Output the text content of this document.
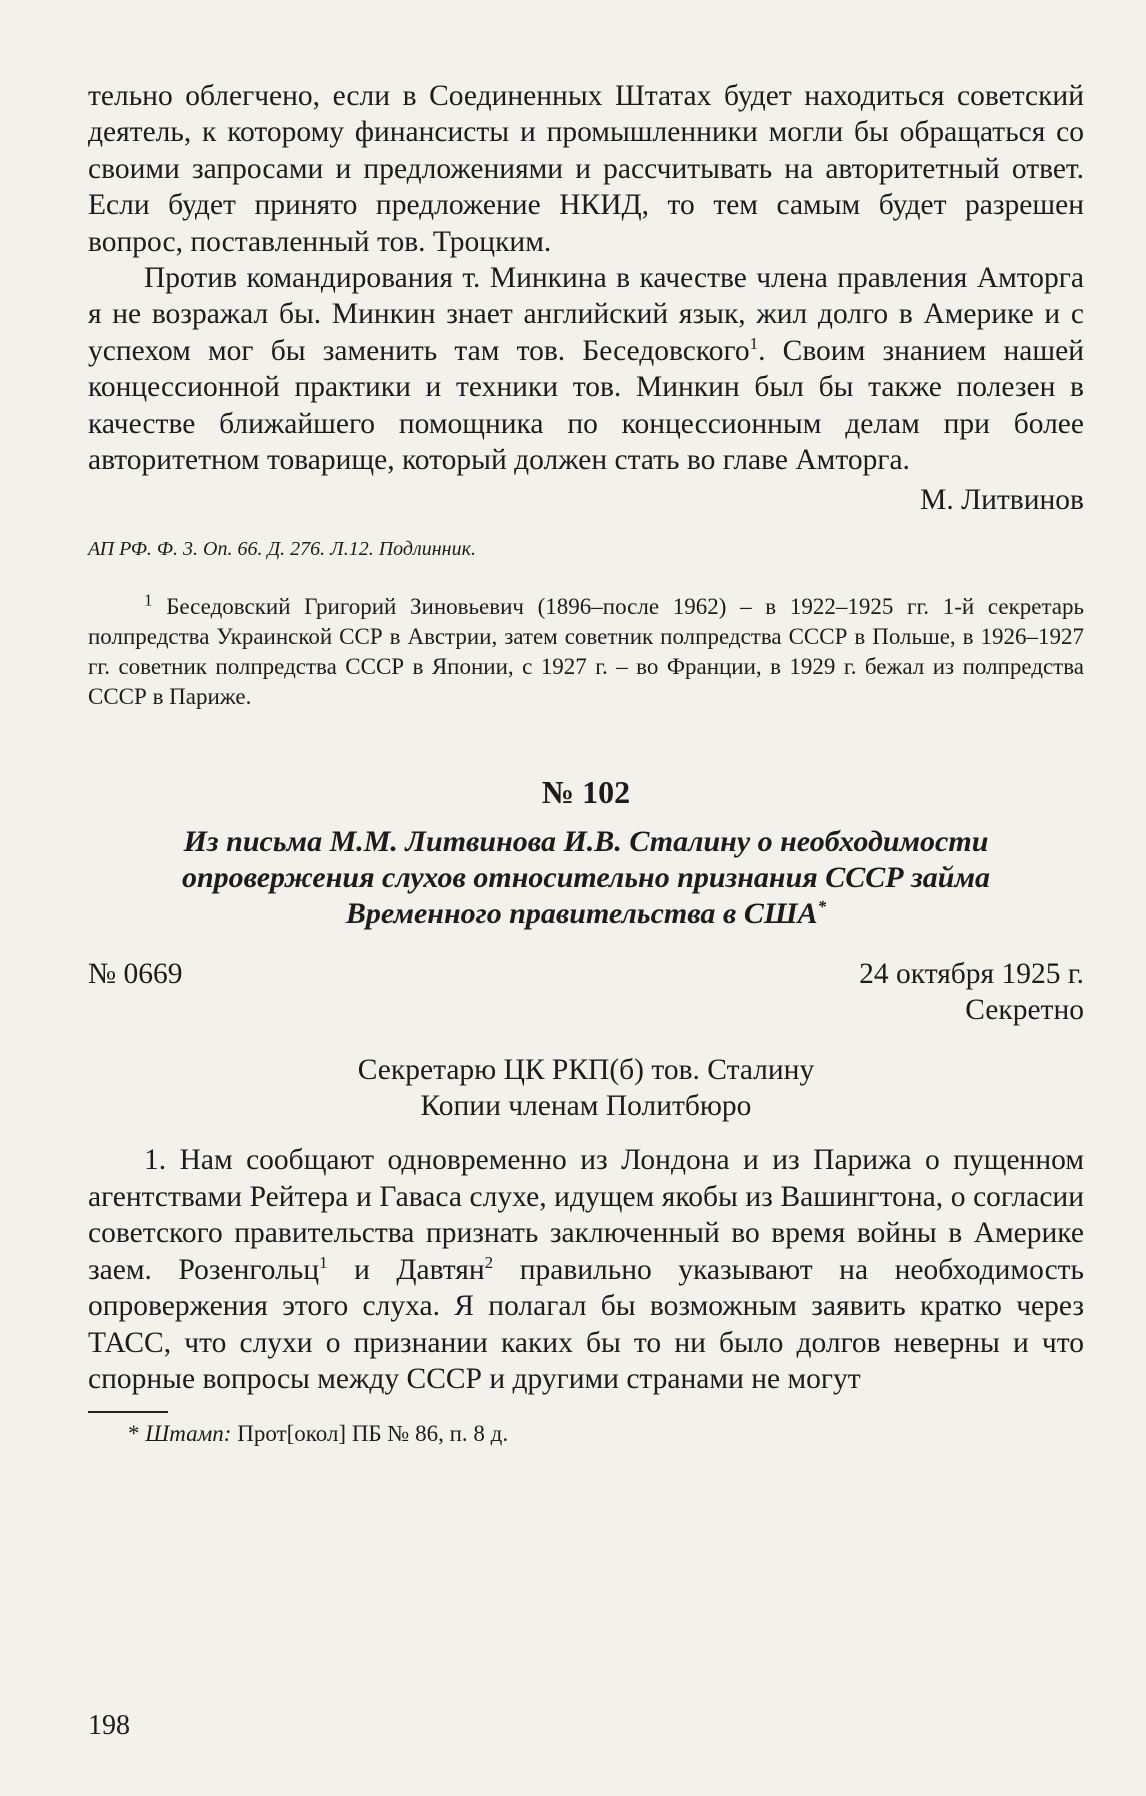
тельно облегчено, если в Соединенных Штатах будет находиться советский деятель, к которому финансисты и промышленники могли бы обращаться со своими запросами и предложениями и рассчитывать на авторитетный ответ. Если будет принято предложение НКИД, то тем самым будет разрешен вопрос, поставленный тов. Троцким.

Против командирования т. Минкина в качестве члена правления Амторга я не возражал бы. Минкин знает английский язык, жил долго в Америке и с успехом мог бы заменить там тов. Беседовского$^1$. Своим знанием нашей концессионной практики и техники тов. Минкин был бы также полезен в качестве ближайшего помощника по концессионным делам при более авторитетном товарище, который должен стать во главе Амторга.

М. Литвинов

АП РФ. Ф. 3. Оп. 66. Д. 276. Л.12. Подлинник.

$^1$ Беседовский Григорий Зиновьевич (1896–после 1962) – в 1922–1925 гг. 1-й секретарь полпредства Украинской ССР в Австрии, затем советник полпредства СССР в Польше, в 1926–1927 гг. советник полпредства СССР в Японии, с 1927 г. – во Франции, в 1929 г. бежал из полпредства СССР в Париже.

№ 102

Из письма М.М. Литвинова И.В. Сталину о необходимости опровержения слухов относительно признания СССР займа Временного правительства в США*

№ 0669	24 октября 1925 г.

Секретно

Секретарю ЦК РКП(б) тов. Сталину

Копии членам Политбюро

1. Нам сообщают одновременно из Лондона и из Парижа о пущенном агентствами Рейтера и Гаваса слухе, идущем якобы из Вашингтона, о согласии советского правительства признать заключенный во время войны в Америке заем. Розенгольц$^1$ и Давтян$^2$ правильно указывают на необходимость опровержения этого слуха. Я полагал бы возможным заявить кратко через ТАСС, что слухи о признании каких бы то ни было долгов неверны и что спорные вопросы между СССР и другими странами не могут

* Штамп: Прот[окол] ПБ № 86, п. 8 д.

198
